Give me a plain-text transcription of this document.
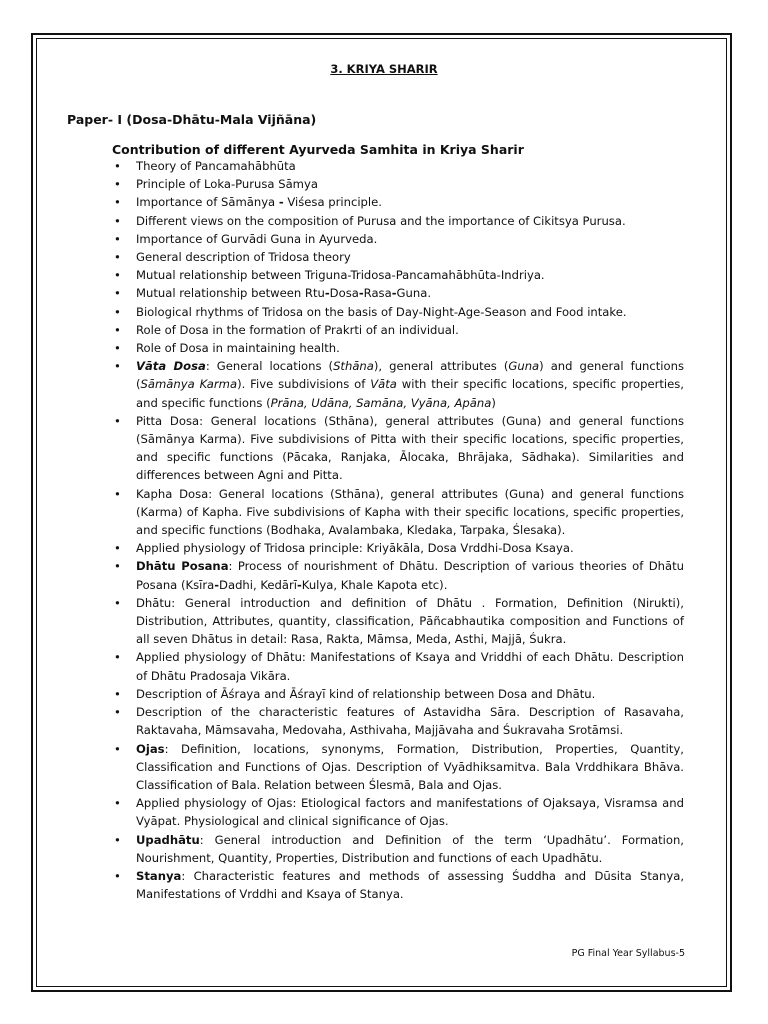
3. KRIYA SHARIR
Paper- I (Dosa-Dhātu-Mala Vijñāna)
Contribution of different Ayurveda Samhita in Kriya Sharir
• Theory of Pancamahābhūta
• Principle of Loka-Purusa Sāmya
• Importance of Sāmānya - Viśesa principle.
• Different views on the composition of Purusa and the importance of Cikitsya Purusa.
• Importance of Gurvādi Guna in Ayurveda.
• General description of Tridosa theory
• Mutual relationship between Triguna-Tridosa-Pancamahābhūta-Indriya.
• Mutual relationship between Rtu-Dosa-Rasa-Guna.
• Biological rhythms of Tridosa on the basis of Day-Night-Age-Season and Food intake.
• Role of Dosa in the formation of Prakrti of an individual.
• Role of Dosa in maintaining health.
• Vāta Dosa: General locations (Sthāna), general attributes (Guna) and general functions (Sāmānya Karma). Five subdivisions of Vāta with their specific locations, specific properties, and specific functions (Prāna, Udāna, Samāna, Vyāna, Apāna)
• Pitta Dosa: General locations (Sthāna), general attributes (Guna) and general functions (Sāmānya Karma). Five subdivisions of Pitta with their specific locations, specific properties, and specific functions (Pācaka, Ranjaka, Ālocaka, Bhrājaka, Sādhaka). Similarities and differences between Agni and Pitta.
• Kapha Dosa: General locations (Sthāna), general attributes (Guna) and general functions (Karma) of Kapha. Five subdivisions of Kapha with their specific locations, specific properties, and specific functions (Bodhaka, Avalambaka, Kledaka, Tarpaka, Ślesaka).
• Applied physiology of Tridosa principle: Kriyākāla, Dosa Vrddhi-Dosa Ksaya.
• Dhātu Posana: Process of nourishment of Dhātu. Description of various theories of Dhātu Posana (Ksīra-Dadhi, Kedārī-Kulya, Khale Kapota etc).
• Dhātu: General introduction and definition of Dhātu . Formation, Definition (Nirukti), Distribution, Attributes, quantity, classification, Pāñcabhautika composition and Functions of all seven Dhātus in detail: Rasa, Rakta, Māmsa, Meda, Asthi, Majjā, Śukra.
• Applied physiology of Dhātu: Manifestations of Ksaya and Vriddhi of each Dhātu. Description of Dhātu Pradosaja Vikāra.
• Description of Āśraya and Āśrayī kind of relationship between Dosa and Dhātu.
• Description of the characteristic features of Astavidha Sāra. Description of Rasavaha, Raktavaha, Māmsavaha, Medovaha, Asthivaha, Majjāvaha and Śukravaha Srotāmsi.
• Ojas: Definition, locations, synonyms, Formation, Distribution, Properties, Quantity, Classification and Functions of Ojas. Description of Vyādhiksamitva. Bala Vrddhikara Bhāva. Classification of Bala. Relation between Ślesmā, Bala and Ojas.
• Applied physiology of Ojas: Etiological factors and manifestations of Ojaksaya, Visramsa and Vyāpat. Physiological and clinical significance of Ojas.
• Upadhātu: General introduction and Definition of the term ‘Upadhātu’. Formation, Nourishment, Quantity, Properties, Distribution and functions of each Upadhātu.
• Stanya: Characteristic features and methods of assessing Śuddha and Dūsita Stanya, Manifestations of Vrddhi and Ksaya of Stanya.
PG Final Year Syllabus-5
